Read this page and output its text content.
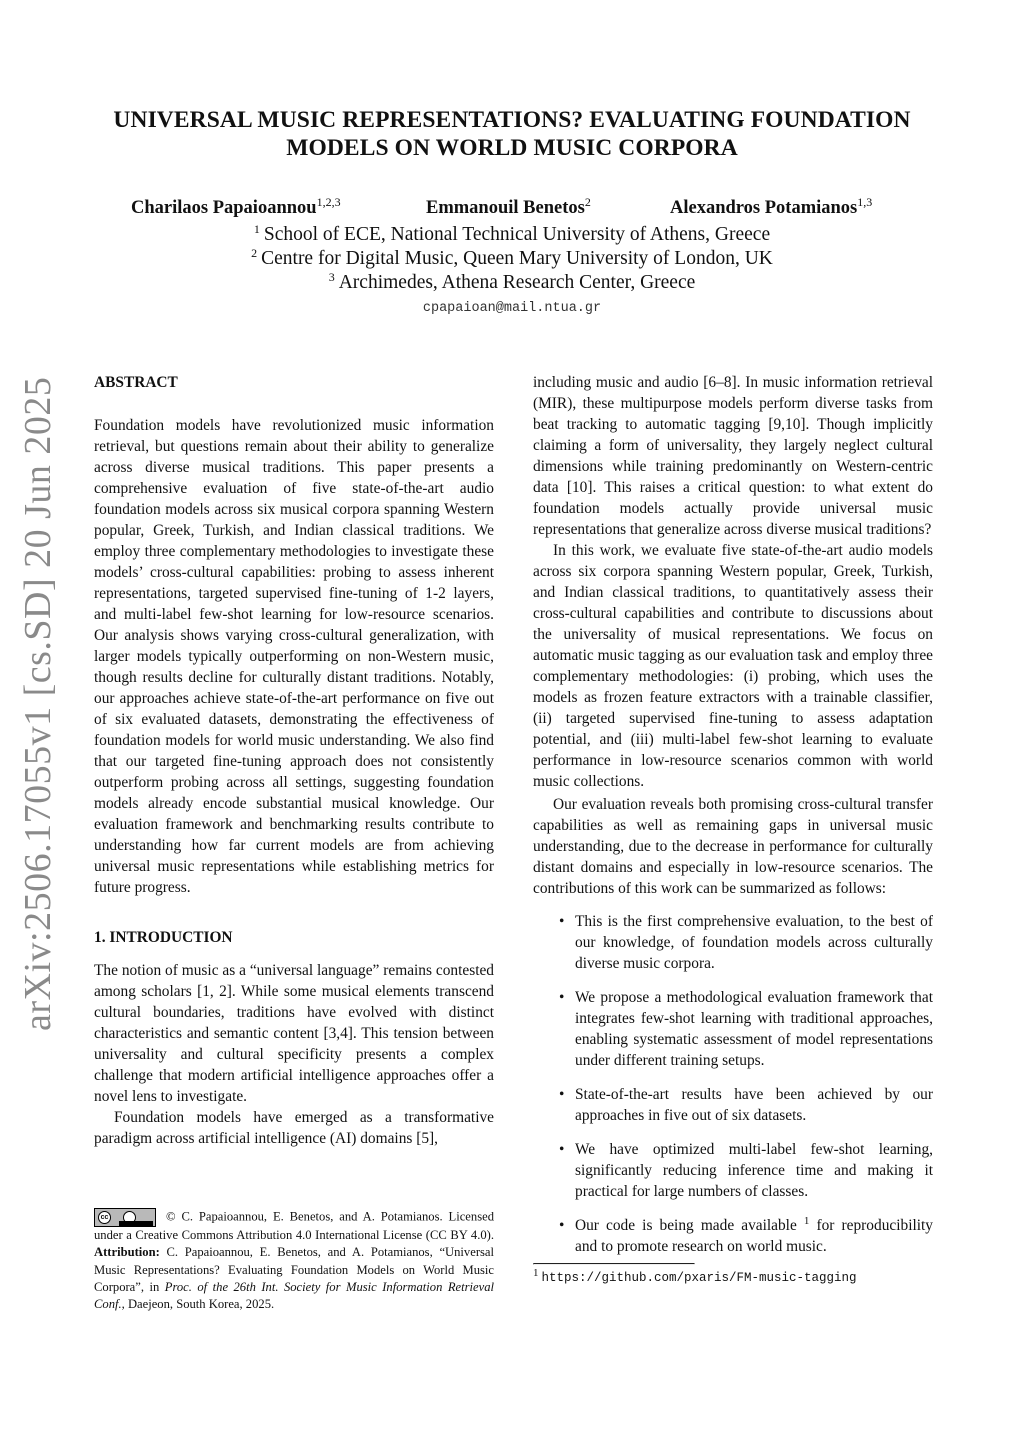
UNIVERSAL MUSIC REPRESENTATIONS? EVALUATING FOUNDATION MODELS ON WORLD MUSIC CORPORA
Charilaos Papaioannou$^{1,2,3}$	Emmanouil Benetos$^2$	Alexandros Potamianos$^{1,3}$
$^1$ School of ECE, National Technical University of Athens, Greece
$^2$ Centre for Digital Music, Queen Mary University of London, UK
$^3$ Archimedes, Athena Research Center, Greece
cpapaioan@mail.ntua.gr
arXiv:2506.17055v1 [cs.SD] 20 Jun 2025	ABSTRACT

Foundation models have revolutionized music information retrieval, but questions remain about their ability to generalize across diverse musical traditions. This paper presents a comprehensive evaluation of five state-of-the-art audio foundation models across six musical corpora spanning Western popular, Greek, Turkish, and Indian classical traditions. We employ three complementary methodologies to investigate these models’ cross-cultural capabilities: probing to assess inherent representations, targeted supervised fine-tuning of 1-2 layers, and multi-label few-shot learning for low-resource scenarios. Our analysis shows varying cross-cultural generalization, with larger models typically outperforming on non-Western music, though results decline for culturally distant traditions. Notably, our approaches achieve state-of-the-art performance on five out of six evaluated datasets, demonstrating the effectiveness of foundation models for world music understanding. We also find that our targeted fine-tuning approach does not consistently outperform probing across all settings, suggesting foundation models already encode substantial musical knowledge. Our evaluation framework and benchmarking results contribute to understanding how far current models are from achieving universal music representations while establishing metrics for future progress.

1. INTRODUCTION

The notion of music as a “universal language” remains contested among scholars [1, 2]. While some musical elements transcend cultural boundaries, traditions have evolved with distinct characteristics and semantic content [3,4]. This tension between universality and cultural specificity presents a complex challenge that modern artificial intelligence approaches offer a novel lens to investigate.

Foundation models have emerged as a transformative paradigm across artificial intelligence (AI) domains [5],

cc	© C. Papaioannou, E. Benetos, and A. Potamianos. Licensed under a Creative Commons Attribution 4.0 International License (CC BY 4.0). Attribution: C. Papaioannou, E. Benetos, and A. Potamianos, “Universal Music Representations? Evaluating Foundation Models on World Music Corpora”, in Proc. of the 26th Int. Society for Music Information Retrieval Conf., Daejeon, South Korea, 2025.

including music and audio [6–8]. In music information retrieval (MIR), these multipurpose models perform diverse tasks from beat tracking to automatic tagging [9,10]. Though implicitly claiming a form of universality, they largely neglect cultural dimensions while training predominantly on Western-centric data [10]. This raises a critical question: to what extent do foundation models actually provide universal music representations that generalize across diverse musical traditions?

In this work, we evaluate five state-of-the-art audio models across six corpora spanning Western popular, Greek, Turkish, and Indian classical traditions, to quantitatively assess their cross-cultural capabilities and contribute to discussions about the universality of musical representations. We focus on automatic music tagging as our evaluation task and employ three complementary methodologies: (i) probing, which uses the models as frozen feature extractors with a trainable classifier, (ii) targeted supervised fine-tuning to assess adaptation potential, and (iii) multi-label few-shot learning to evaluate performance in low-resource scenarios common with world music collections.

Our evaluation reveals both promising cross-cultural transfer capabilities as well as remaining gaps in universal music understanding, due to the decrease in performance for culturally distant domains and especially in low-resource scenarios. The contributions of this work can be summarized as follows:

• This is the first comprehensive evaluation, to the best of our knowledge, of foundation models across culturally diverse music corpora.
• We propose a methodological evaluation framework that integrates few-shot learning with traditional approaches, enabling systematic assessment of model representations under different training setups.
• State-of-the-art results have been achieved by our approaches in five out of six datasets.
• We have optimized multi-label few-shot learning, significantly reducing inference time and making it practical for large numbers of classes.
• Our code is being made available $^1$ for reproducibility and to promote research on world music.
$^1$ https://github.com/pxaris/FM-music-tagging
